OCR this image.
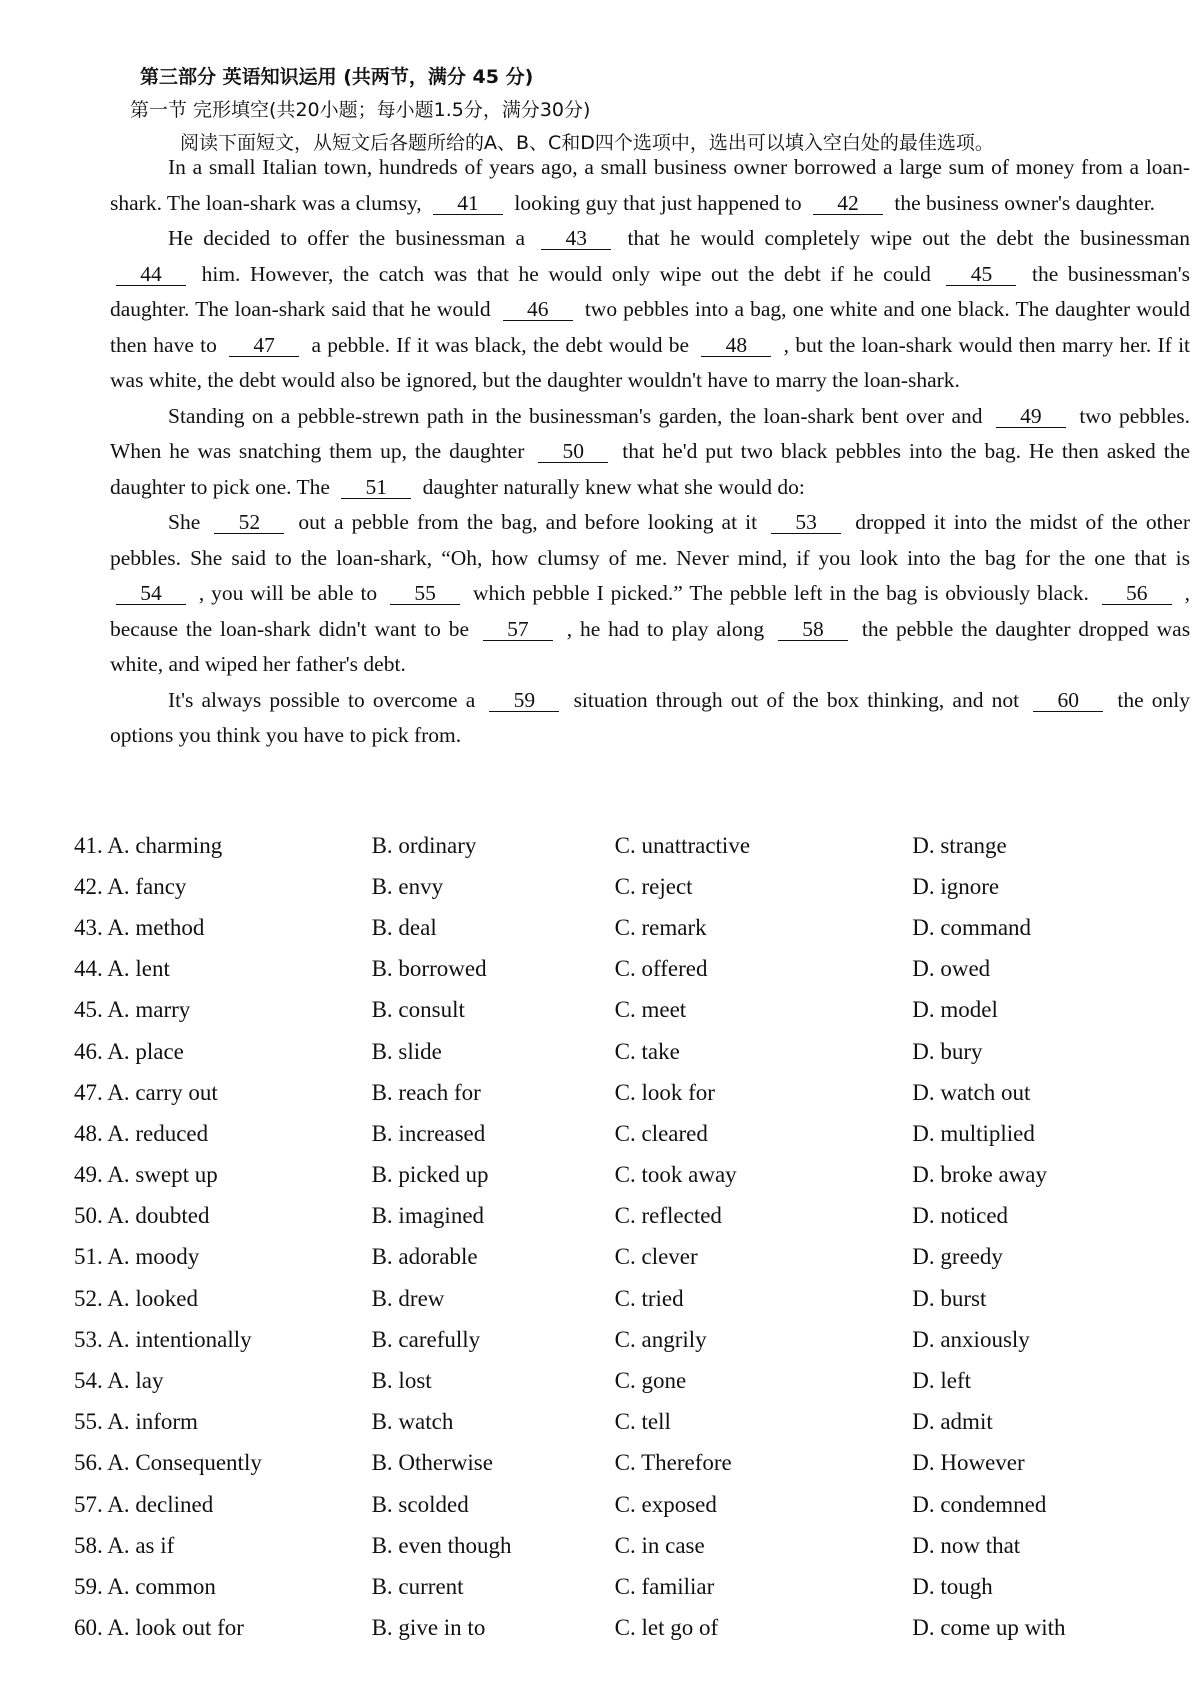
第三部分 英语知识运用 (共两节，满分 45 分)
第一节 完形填空(共20小题；每小题1.5分，满分30分)
阅读下面短文，从短文后各题所给的A、B、C和D四个选项中，选出可以填入空白处的最佳选项。

In a small Italian town, hundreds of years ago, a small business owner borrowed a large sum of money from a loan-shark. The loan-shark was a clumsy, 41 looking guy that just happened to 42 the business owner's daughter.

He decided to offer the businessman a 43 that he would completely wipe out the debt the businessman 44 him. However, the catch was that he would only wipe out the debt if he could 45 the businessman's daughter. The loan-shark said that he would 46 two pebbles into a bag, one white and one black. The daughter would then have to 47 a pebble. If it was black, the debt would be 48 , but the loan-shark would then marry her. If it was white, the debt would also be ignored, but the daughter wouldn't have to marry the loan-shark.

Standing on a pebble-strewn path in the businessman's garden, the loan-shark bent over and 49 two pebbles. When he was snatching them up, the daughter 50 that he'd put two black pebbles into the bag. He then asked the daughter to pick one. The 51 daughter naturally knew what she would do:

She 52 out a pebble from the bag, and before looking at it 53 dropped it into the midst of the other pebbles. She said to the loan-shark, “Oh, how clumsy of me. Never mind, if you look into the bag for the one that is 54 , you will be able to 55 which pebble I picked.” The pebble left in the bag is obviously black. 56 , because the loan-shark didn't want to be 57 , he had to play along 58 the pebble the daughter dropped was white, and wiped her father's debt.

It's always possible to overcome a 59 situation through out of the box thinking, and not 60 the only options you think you have to pick from.

41. A. charming	B. ordinary	C. unattractive	D. strange
42. A. fancy	B. envy	C. reject	D. ignore
43. A. method	B. deal	C. remark	D. command
44. A. lent	B. borrowed	C. offered	D. owed
45. A. marry	B. consult	C. meet	D. model
46. A. place	B. slide	C. take	D. bury
47. A. carry out	B. reach for	C. look for	D. watch out
48. A. reduced	B. increased	C. cleared	D. multiplied
49. A. swept up	B. picked up	C. took away	D. broke away
50. A. doubted	B. imagined	C. reflected	D. noticed
51. A. moody	B. adorable	C. clever	D. greedy
52. A. looked	B. drew	C. tried	D. burst
53. A. intentionally	B. carefully	C. angrily	D. anxiously
54. A. lay	B. lost	C. gone	D. left
55. A. inform	B. watch	C. tell	D. admit
56. A. Consequently	B. Otherwise	C. Therefore	D. However
57. A. declined	B. scolded	C. exposed	D. condemned
58. A. as if	B. even though	C. in case	D. now that
59. A. common	B. current	C. familiar	D. tough
60. A. look out for	B. give in to	C. let go of	D. come up with
